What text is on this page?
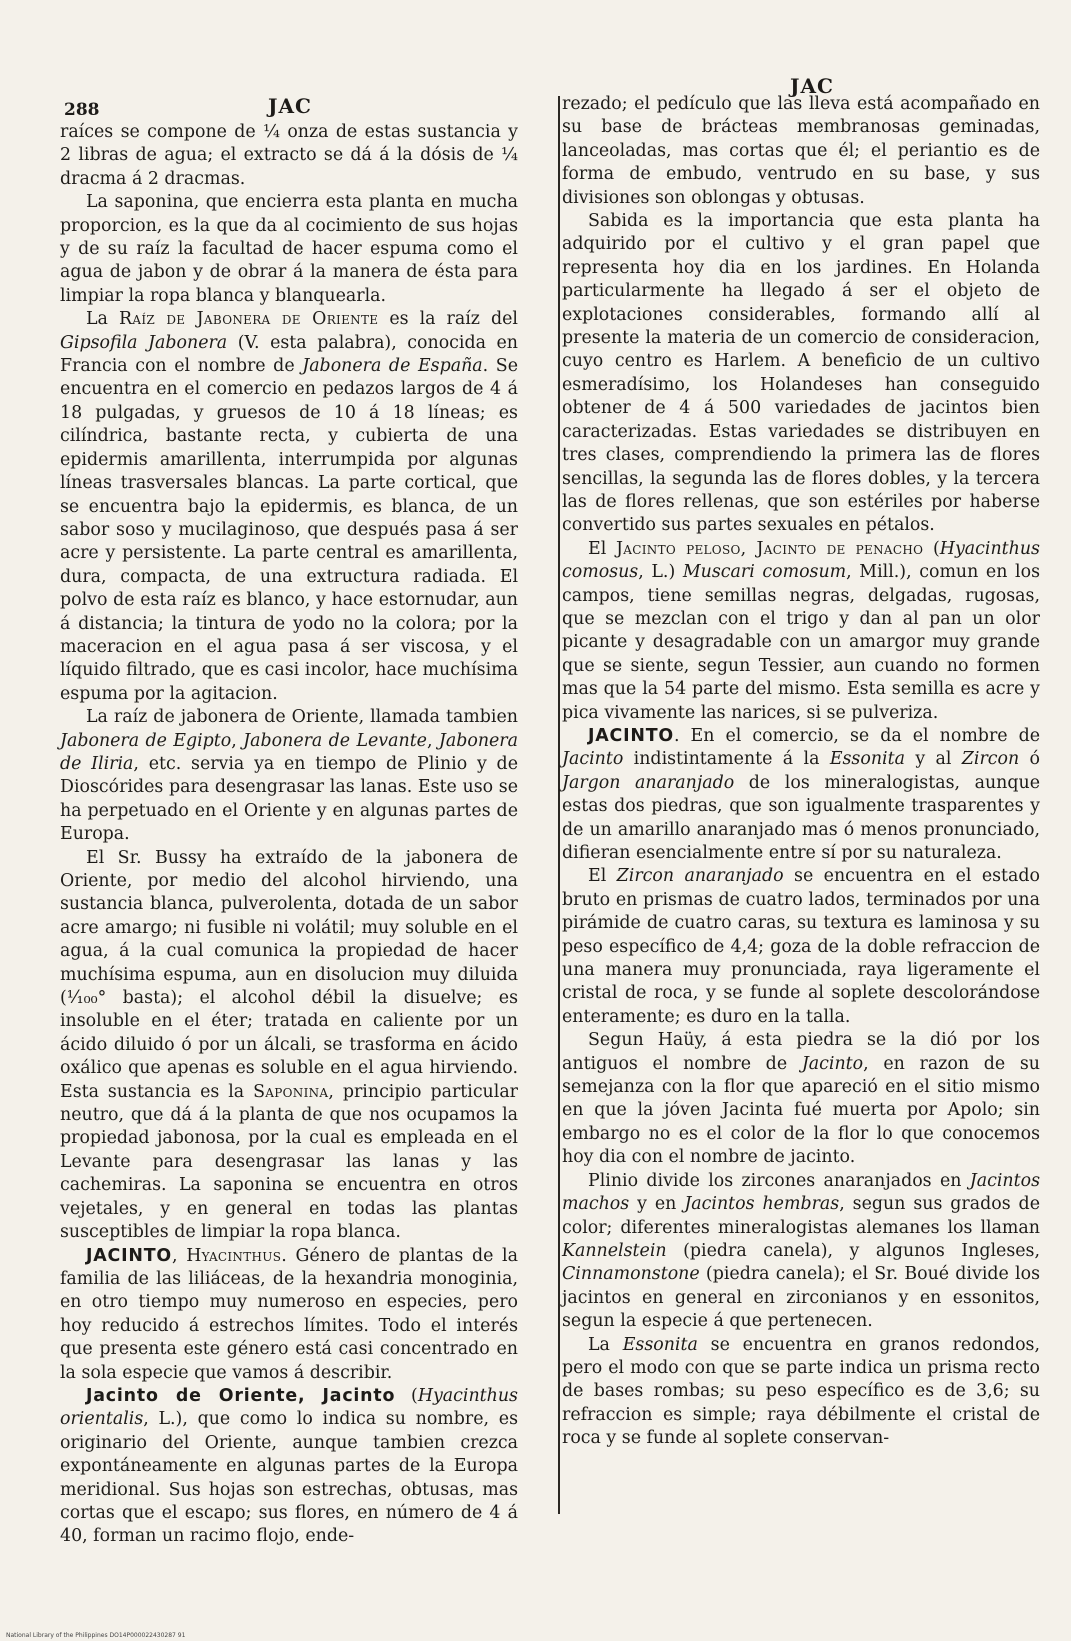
288	JAC
JAC

raíces se compone de ¼ onza de estas sustancia y 2 libras de agua; el extracto se dá á la dósis de ¼ dracma á 2 dracmas.

La saponina, que encierra esta planta en mucha proporcion, es la que da al cocimiento de sus hojas y de su raíz la facultad de hacer espuma como el agua de jabon y de obrar á la manera de ésta para limpiar la ropa blanca y blanquearla.

La Raíz de Jabonera de Oriente es la raíz del Gipsofila Jabonera (V. esta palabra), conocida en Francia con el nombre de Jabonera de España. Se encuentra en el comercio en pedazos largos de 4 á 18 pulgadas, y gruesos de 10 á 18 líneas; es cilíndrica, bastante recta, y cubierta de una epidermis amarillenta, interrumpida por algunas líneas trasversales blancas. La parte cortical, que se encuentra bajo la epidermis, es blanca, de un sabor soso y mucilaginoso, que después pasa á ser acre y persistente. La parte central es amarillenta, dura, compacta, de una extructura radiada. El polvo de esta raíz es blanco, y hace estornudar, aun á distancia; la tintura de yodo no la colora; por la maceracion en el agua pasa á ser viscosa, y el líquido filtrado, que es casi incolor, hace muchísima espuma por la agitacion.

La raíz de jabonera de Oriente, llamada tambien Jabonera de Egipto, Jabonera de Levante, Jabonera de Iliria, etc. servia ya en tiempo de Plinio y de Dioscórides para desengrasar las lanas. Este uso se ha perpetuado en el Oriente y en algunas partes de Europa.

El Sr. Bussy ha extraído de la jabonera de Oriente, por medio del alcohol hirviendo, una sustancia blanca, pulverolenta, dotada de un sabor acre amargo; ni fusible ni volátil; muy soluble en el agua, á la cual comunica la propiedad de hacer muchísima espuma, aun en disolucion muy diluida (¹⁄₁₀₀° basta); el alcohol débil la disuelve; es insoluble en el éter; tratada en caliente por un ácido diluido ó por un álcali, se trasforma en ácido oxálico que apenas es soluble en el agua hirviendo. Esta sustancia es la Saponina, principio particular neutro, que dá á la planta de que nos ocupamos la propiedad jabonosa, por la cual es empleada en el Levante para desengrasar las lanas y las cachemiras. La saponina se encuentra en otros vejetales, y en general en todas las plantas susceptibles de limpiar la ropa blanca.

JACINTO, Hyacinthus. Género de plantas de la familia de las liliáceas, de la hexandria monoginia, en otro tiempo muy numeroso en especies, pero hoy reducido á estrechos límites. Todo el interés que presenta este género está casi concentrado en la sola especie que vamos á describir.

Jacinto de Oriente, Jacinto (Hyacinthus orientalis, L.), que como lo indica su nombre, es originario del Oriente, aunque tambien crezca expontáneamente en algunas partes de la Europa meridional. Sus hojas son estrechas, obtusas, mas cortas que el escapo; sus flores, en número de 4 á 40, forman un racimo flojo, ende-

rezado; el pedículo que las lleva está acompañado en su base de brácteas membranosas geminadas, lanceoladas, mas cortas que él; el periantio es de forma de embudo, ventrudo en su base, y sus divisiones son oblongas y obtusas.

Sabida es la importancia que esta planta ha adquirido por el cultivo y el gran papel que representa hoy dia en los jardines. En Holanda particularmente ha llegado á ser el objeto de explotaciones considerables, formando allí al presente la materia de un comercio de consideracion, cuyo centro es Harlem. A beneficio de un cultivo esmeradísimo, los Holandeses han conseguido obtener de 4 á 500 variedades de jacintos bien caracterizadas. Estas variedades se distribuyen en tres clases, comprendiendo la primera las de flores sencillas, la segunda las de flores dobles, y la tercera las de flores rellenas, que son estériles por haberse convertido sus partes sexuales en pétalos.

El Jacinto peloso, Jacinto de penacho (Hyacinthus comosus, L.) Muscari comosum, Mill.), comun en los campos, tiene semillas negras, delgadas, rugosas, que se mezclan con el trigo y dan al pan un olor picante y desagradable con un amargor muy grande que se siente, segun Tessier, aun cuando no formen mas que la 54 parte del mismo. Esta semilla es acre y pica vivamente las narices, si se pulveriza.

JACINTO. En el comercio, se da el nombre de Jacinto indistintamente á la Essonita y al Zircon ó Jargon anaranjado de los mineralogistas, aunque estas dos piedras, que son igualmente trasparentes y de un amarillo anaranjado mas ó menos pronunciado, difieran esencialmente entre sí por su naturaleza.

El Zircon anaranjado se encuentra en el estado bruto en prismas de cuatro lados, terminados por una pirámide de cuatro caras, su textura es laminosa y su peso específico de 4,4; goza de la doble refraccion de una manera muy pronunciada, raya ligeramente el cristal de roca, y se funde al soplete descolorándose enteramente; es duro en la talla.

Segun Haüy, á esta piedra se la dió por los antiguos el nombre de Jacinto, en razon de su semejanza con la flor que apareció en el sitio mismo en que la jóven Jacinta fué muerta por Apolo; sin embargo no es el color de la flor lo que conocemos hoy dia con el nombre de jacinto.

Plinio divide los zircones anaranjados en Jacintos machos y en Jacintos hembras, segun sus grados de color; diferentes mineralogistas alemanes los llaman Kannelstein (piedra canela), y algunos Ingleses, Cinnamonstone (piedra canela); el Sr. Boué divide los jacintos en general en zirconianos y en essonitos, segun la especie á que pertenecen.

La Essonita se encuentra en granos redondos, pero el modo con que se parte indica un prisma recto de bases rombas; su peso específico es de 3,6; su refraccion es simple; raya débilmente el cristal de roca y se funde al soplete conservan-

National Library of the Philippines DO14P000022430287 91
